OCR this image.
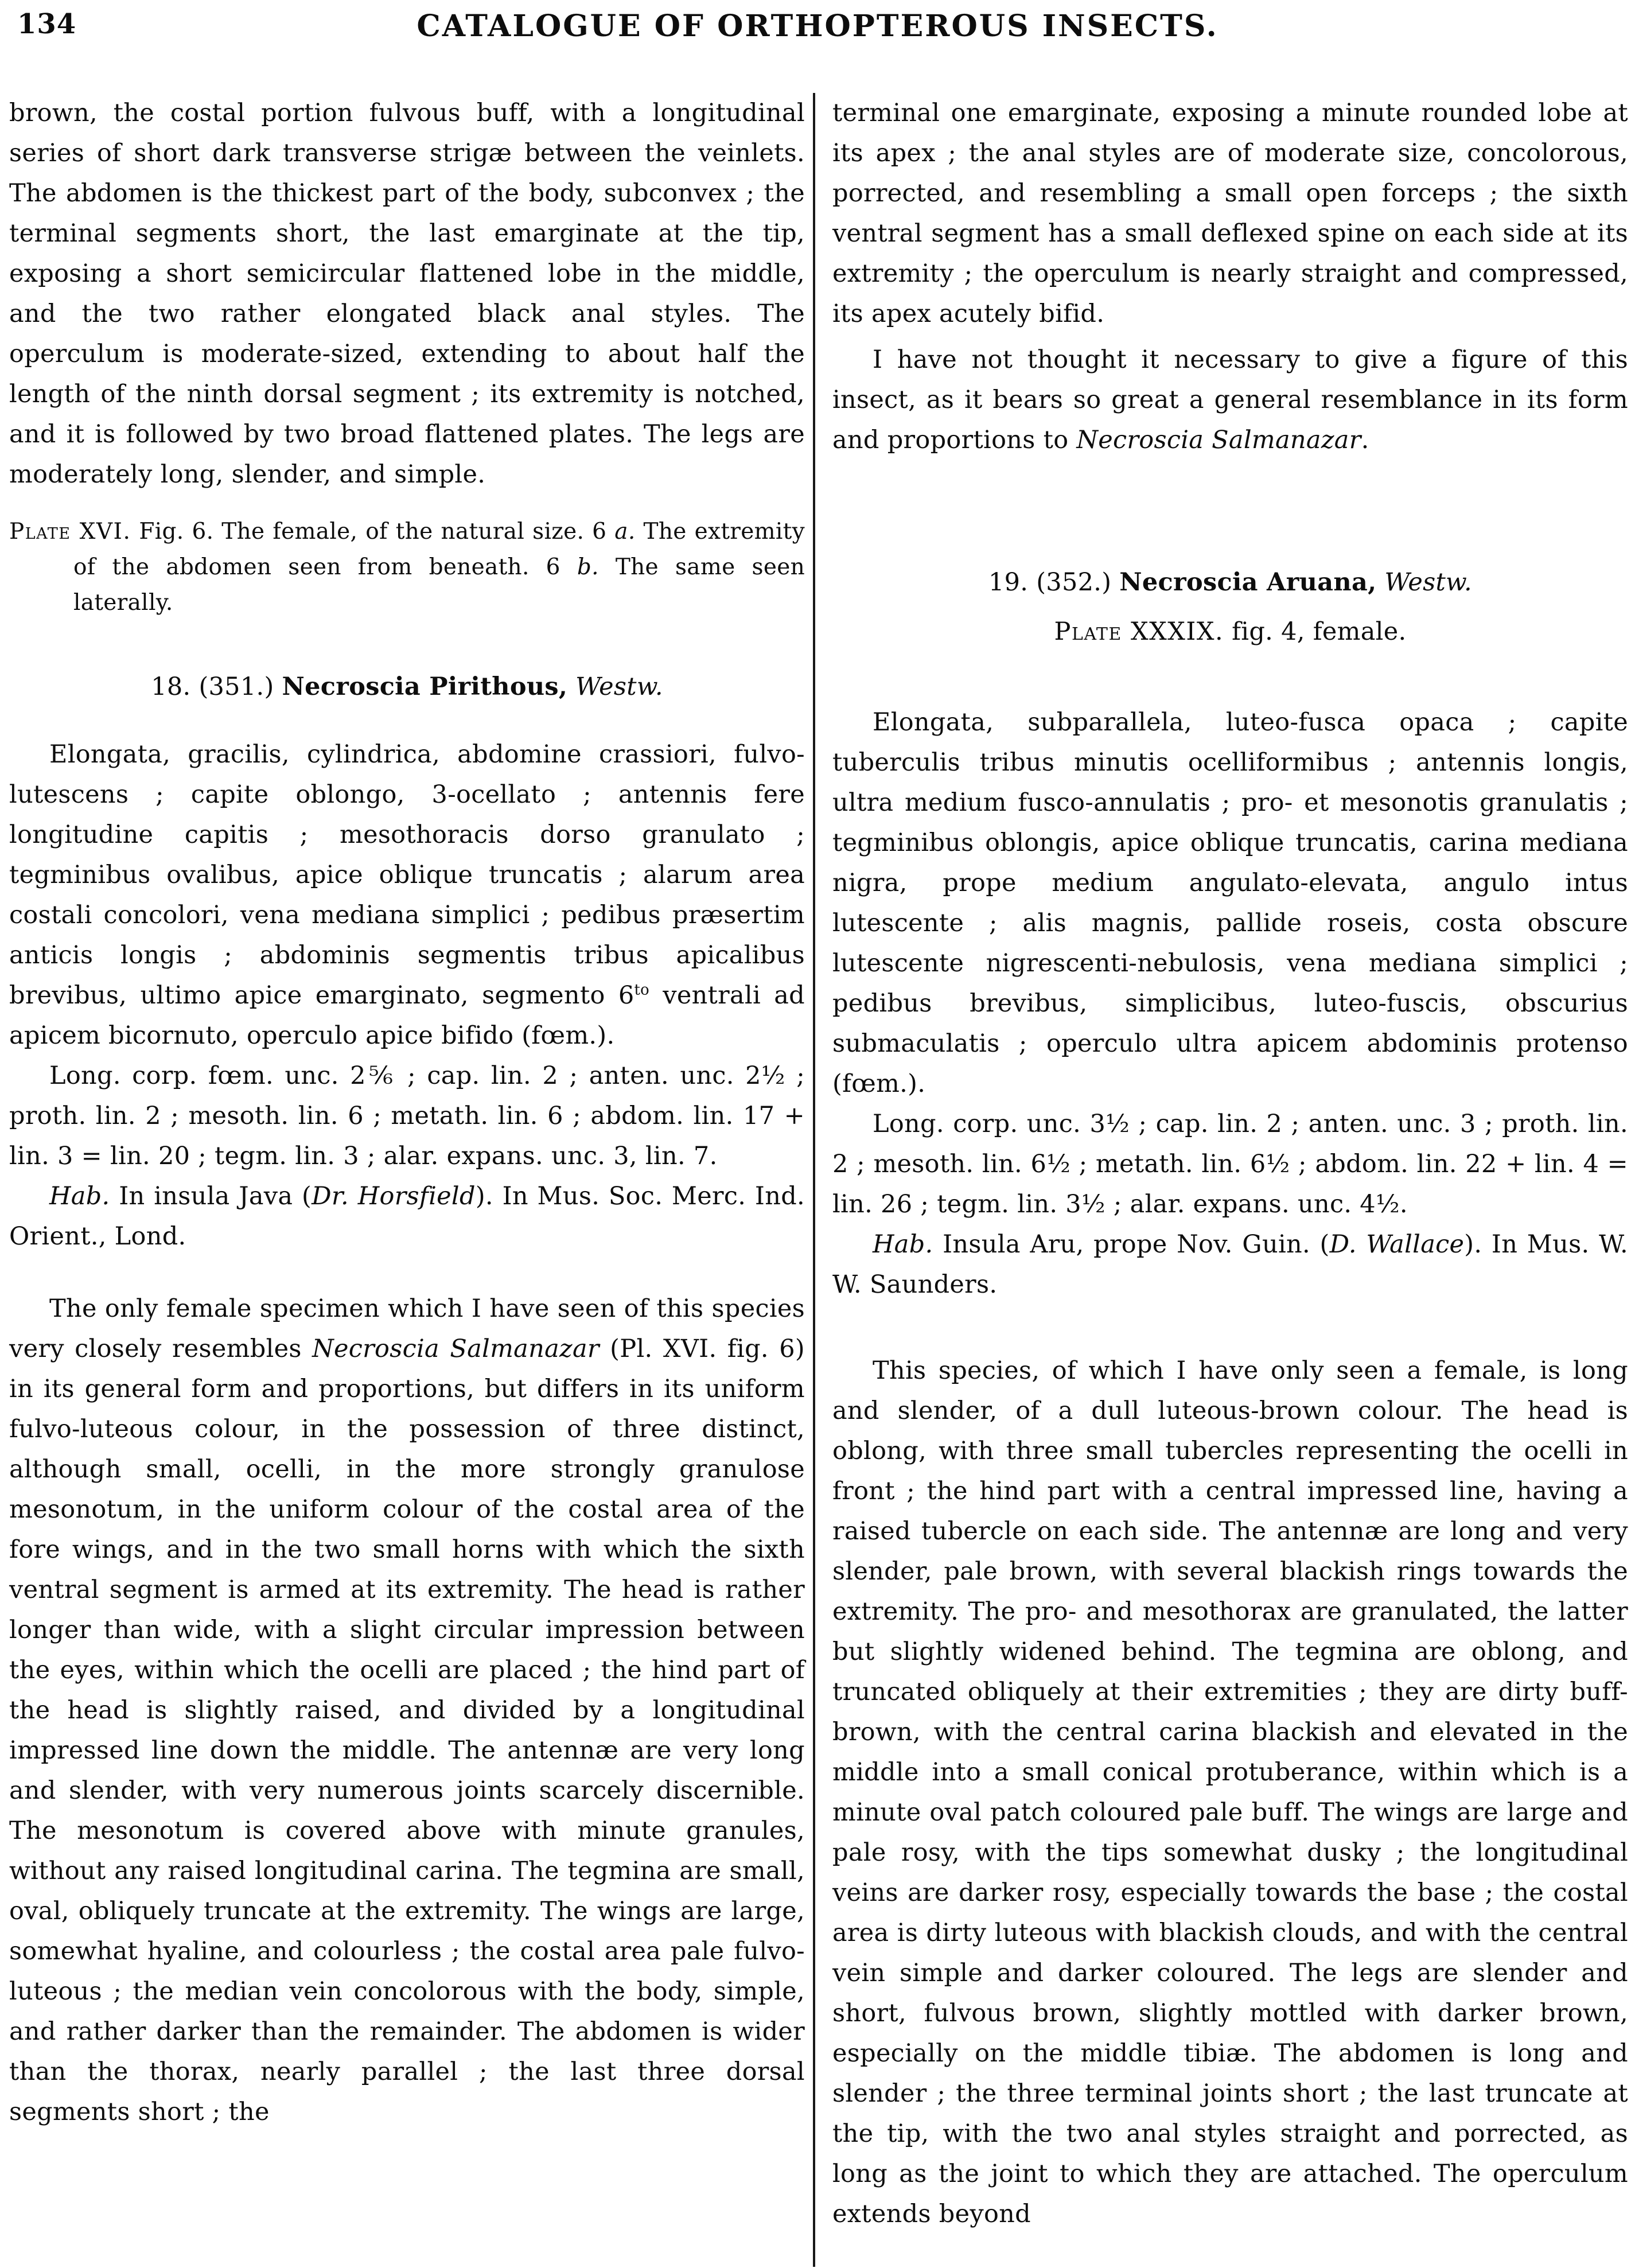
134	CATALOGUE OF ORTHOPTEROUS INSECTS.

brown, the costal portion fulvous buff, with a longitudinal series of short dark transverse strigæ between the veinlets. The abdomen is the thickest part of the body, subconvex ; the terminal segments short, the last emarginate at the tip, exposing a short semicircular flattened lobe in the middle, and the two rather elongated black anal styles. The operculum is moderate-sized, extending to about half the length of the ninth dorsal segment ; its extremity is notched, and it is followed by two broad flattened plates. The legs are moderately long, slender, and simple.

Plate XVI. Fig. 6. The female, of the natural size. 6 a. The extremity of the abdomen seen from beneath. 6 b. The same seen laterally.

18. (351.) Necroscia Pirithous, Westw.

Elongata, gracilis, cylindrica, abdomine crassiori, fulvo-lutescens ; capite oblongo, 3-ocellato ; antennis fere longitudine capitis ; mesothoracis dorso granulato ; tegminibus ovalibus, apice oblique truncatis ; alarum area costali concolori, vena mediana simplici ; pedibus præsertim anticis longis ; abdominis segmentis tribus apicalibus brevibus, ultimo apice emarginato, segmento $6^{to}$ ventrali ad apicem bicornuto, operculo apice bifido (fœm.).

Long. corp. fœm. unc. 2⅚ ; cap. lin. 2 ; anten. unc. 2½ ; proth. lin. 2 ; mesoth. lin. 6 ; metath. lin. 6 ; abdom. lin. 17 + lin. 3 = lin. 20 ; tegm. lin. 3 ; alar. expans. unc. 3, lin. 7.

Hab. In insula Java (Dr. Horsfield). In Mus. Soc. Merc. Ind. Orient., Lond.

The only female specimen which I have seen of this species very closely resembles Necroscia Salmanazar (Pl. XVI. fig. 6) in its general form and proportions, but differs in its uniform fulvo-luteous colour, in the possession of three distinct, although small, ocelli, in the more strongly granulose mesonotum, in the uniform colour of the costal area of the fore wings, and in the two small horns with which the sixth ventral segment is armed at its extremity. The head is rather longer than wide, with a slight circular impression between the eyes, within which the ocelli are placed ; the hind part of the head is slightly raised, and divided by a longitudinal impressed line down the middle. The antennæ are very long and slender, with very numerous joints scarcely discernible. The mesonotum is covered above with minute granules, without any raised longitudinal carina. The tegmina are small, oval, obliquely truncate at the extremity. The wings are large, somewhat hyaline, and colourless ; the costal area pale fulvo-luteous ; the median vein concolorous with the body, simple, and rather darker than the remainder. The abdomen is wider than the thorax, nearly parallel ; the last three dorsal segments short ; the

terminal one emarginate, exposing a minute rounded lobe at its apex ; the anal styles are of moderate size, concolorous, porrected, and resembling a small open forceps ; the sixth ventral segment has a small deflexed spine on each side at its extremity ; the operculum is nearly straight and compressed, its apex acutely bifid.

I have not thought it necessary to give a figure of this insect, as it bears so great a general resemblance in its form and proportions to Necroscia Salmanazar.

19. (352.) Necroscia Aruana, Westw.

Plate XXXIX. fig. 4, female.

Elongata, subparallela, luteo-fusca opaca ; capite tuberculis tribus minutis ocelliformibus ; antennis longis, ultra medium fusco-annulatis ; pro- et mesonotis granulatis ; tegminibus oblongis, apice oblique truncatis, carina mediana nigra, prope medium angulato-elevata, angulo intus lutescente ; alis magnis, pallide roseis, costa obscure lutescente nigrescenti-nebulosis, vena mediana simplici ; pedibus brevibus, simplicibus, luteo-fuscis, obscurius submaculatis ; operculo ultra apicem abdominis protenso (fœm.).

Long. corp. unc. 3½ ; cap. lin. 2 ; anten. unc. 3 ; proth. lin. 2 ; mesoth. lin. 6½ ; metath. lin. 6½ ; abdom. lin. 22 + lin. 4 = lin. 26 ; tegm. lin. 3½ ; alar. expans. unc. 4½.

Hab. Insula Aru, prope Nov. Guin. (D. Wallace). In Mus. W. W. Saunders.

This species, of which I have only seen a female, is long and slender, of a dull luteous-brown colour. The head is oblong, with three small tubercles representing the ocelli in front ; the hind part with a central impressed line, having a raised tubercle on each side. The antennæ are long and very slender, pale brown, with several blackish rings towards the extremity. The pro- and mesothorax are granulated, the latter but slightly widened behind. The tegmina are oblong, and truncated obliquely at their extremities ; they are dirty buff-brown, with the central carina blackish and elevated in the middle into a small conical protuberance, within which is a minute oval patch coloured pale buff. The wings are large and pale rosy, with the tips somewhat dusky ; the longitudinal veins are darker rosy, especially towards the base ; the costal area is dirty luteous with blackish clouds, and with the central vein simple and darker coloured. The legs are slender and short, fulvous brown, slightly mottled with darker brown, especially on the middle tibiæ. The abdomen is long and slender ; the three terminal joints short ; the last truncate at the tip, with the two anal styles straight and porrected, as long as the joint to which they are attached. The operculum extends beyond
